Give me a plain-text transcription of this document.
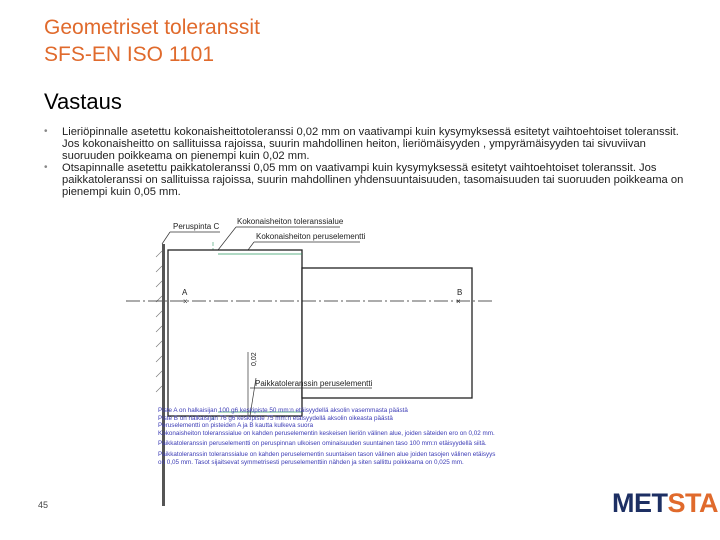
Geometriset toleranssit
SFS-EN ISO 1101
Vastaus
• Lieriöpinnalle asetettu kokonaisheittotoleranssi 0,02 mm on vaativampi kuin kysymyksessä esitetyt vaihtoehtoiset toleranssit. Jos kokonaisheitto on sallituissa rajoissa, suurin mahdollinen heiton, lieriömäisyyden , ympyrämäisyyden tai sivuviivan suoruuden poikkeama on pienempi kuin 0,02 mm.
• Otsapinnalle asetettu paikkatoleranssi 0,05 mm on vaativampi kuin kysymyksessä esitetyt vaihtoehtoiset toleranssit. Jos paikkatoleranssi on sallituissa rajoissa, suurin mahdollinen yhdensuuntaisuuden, tasomaisuuden tai suoruuden poikkeama on pienempi kuin 0,05 mm.
Peruspinta C
Kokonaisheiton toleranssialue
Kokonaisheiton peruselementti
A
×
B
×
0,02
Paikkatoleranssin peruselementti

Piste A on halkaisijan 100 g6 keskipiste 50 mm:n etäisyydellä aksolin vasemmasta päästä

Piste B on halkaisijan 76 g6 keskipiste 75 mm:n etäisyydellä aksolin oikeasta päästä

Peruselementti on pisteiden A ja B kautta kulkeva suora

Kokonaisheiton toleranssialue on kahden peruselementin keskeisen lieriön välinen alue, joiden säteiden ero on 0,02 mm.

Paikkatoleranssin peruselementti on peruspinnan ulkoisen ominaisuuden suuntainen taso 100 mm:n etäisyydellä siitä.

Paikkatoleranssin toleranssialue on kahden peruselementin suuntaisen tason välinen alue joiden tasojen välinen etäisyys on 0,05 mm. Tasot sijaitsevat symmetrisesti peruselementtiin nähden ja siten sallittu poikkeama on 0,025 mm.

45	METSTA
